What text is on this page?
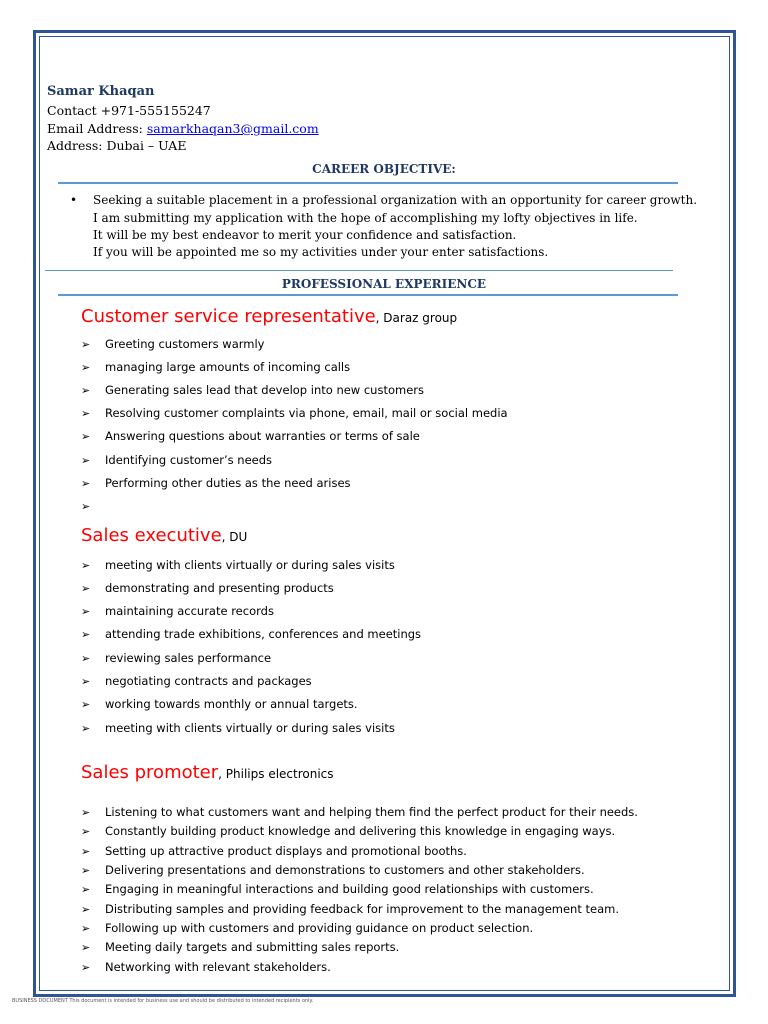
Samar Khaqan
Contact +971-555155247
Email Address: samarkhaqan3@gmail.com
Address: Dubai – UAE
CAREER OBJECTIVE:
• Seeking a suitable placement in a professional organization with an opportunity for career growth.
I am submitting my application with the hope of accomplishing my lofty objectives in life.
It will be my best endeavor to merit your confidence and satisfaction.
If you will be appointed me so my activities under your enter satisfactions.
PROFESSIONAL EXPERIENCE
Customer service representative, Daraz group
➢ Greeting customers warmly
➢ managing large amounts of incoming calls
➢ Generating sales lead that develop into new customers
➢ Resolving customer complaints via phone, email, mail or social media
➢ Answering questions about warranties or terms of sale
➢ Identifying customer’s needs
➢ Performing other duties as the need arises
➢
Sales executive, DU
➢ meeting with clients virtually or during sales visits
➢ demonstrating and presenting products
➢ maintaining accurate records
➢ attending trade exhibitions, conferences and meetings
➢ reviewing sales performance
➢ negotiating contracts and packages
➢ working towards monthly or annual targets.
➢ meeting with clients virtually or during sales visits
Sales promoter, Philips electronics
➢ Listening to what customers want and helping them find the perfect product for their needs.
➢ Constantly building product knowledge and delivering this knowledge in engaging ways.
➢ Setting up attractive product displays and promotional booths.
➢ Delivering presentations and demonstrations to customers and other stakeholders.
➢ Engaging in meaningful interactions and building good relationships with customers.
➢ Distributing samples and providing feedback for improvement to the management team.
➢ Following up with customers and providing guidance on product selection.
➢ Meeting daily targets and submitting sales reports.
➢ Networking with relevant stakeholders.
BUSINESS DOCUMENT This document is intended for business use and should be distributed to intended recipients only.
